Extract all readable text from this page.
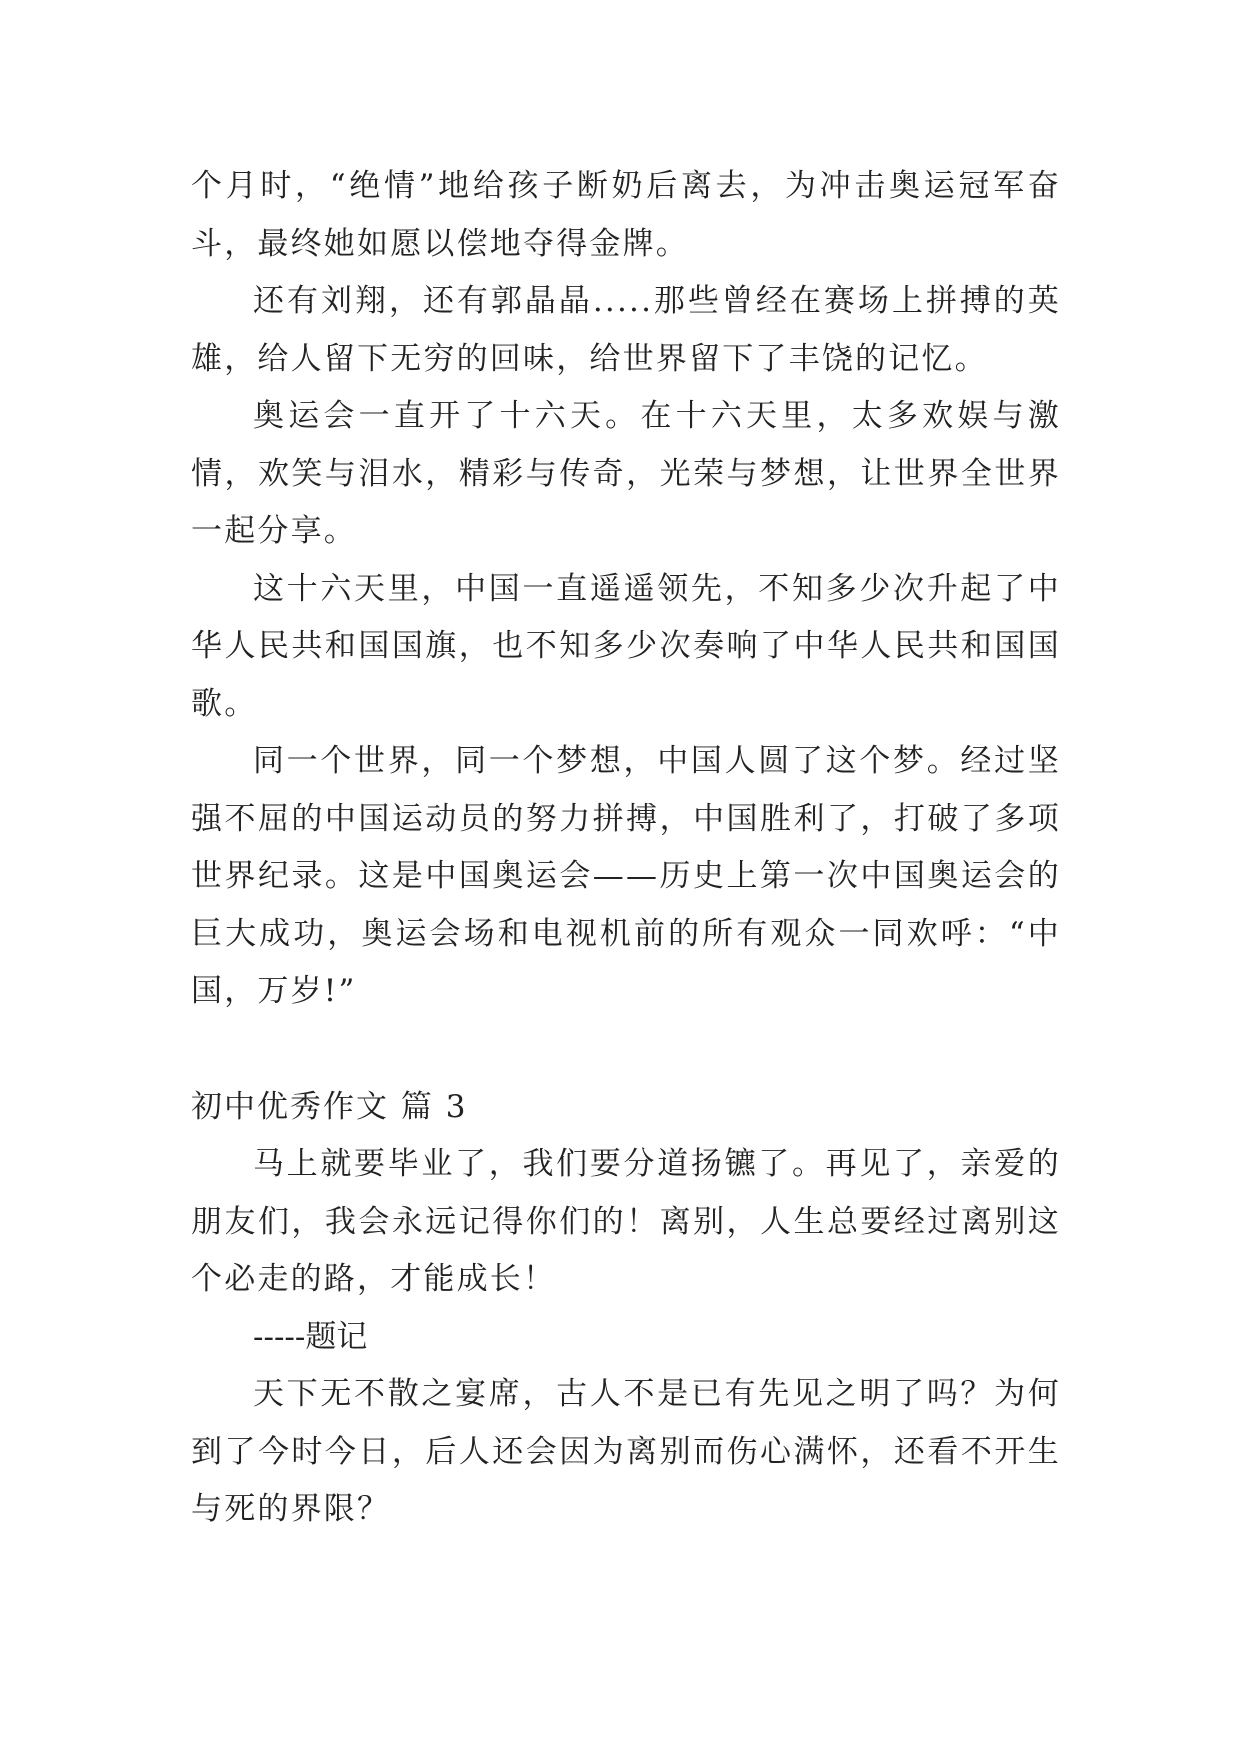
个月时，“绝情”地给孩子断奶后离去，为冲击奥运冠军奋斗，最终她如愿以偿地夺得金牌。

还有刘翔，还有郭晶晶.....那些曾经在赛场上拼搏的英雄，给人留下无穷的回味，给世界留下了丰饶的记忆。

奥运会一直开了十六天。在十六天里，太多欢娱与激情，欢笑与泪水，精彩与传奇，光荣与梦想，让世界全世界一起分享。

这十六天里，中国一直遥遥领先，不知多少次升起了中华人民共和国国旗，也不知多少次奏响了中华人民共和国国歌。

同一个世界，同一个梦想，中国人圆了这个梦。经过坚强不屈的中国运动员的努力拼搏，中国胜利了，打破了多项世界纪录。这是中国奥运会——历史上第一次中国奥运会的巨大成功，奥运会场和电视机前的所有观众一同欢呼：“中国，万岁!”

初中优秀作文 篇 3

马上就要毕业了，我们要分道扬镳了。再见了，亲爱的朋友们，我会永远记得你们的！离别，人生总要经过离别这个必走的路，才能成长！

-----题记

天下无不散之宴席，古人不是已有先见之明了吗？为何到了今时今日，后人还会因为离别而伤心满怀，还看不开生与死的界限？
